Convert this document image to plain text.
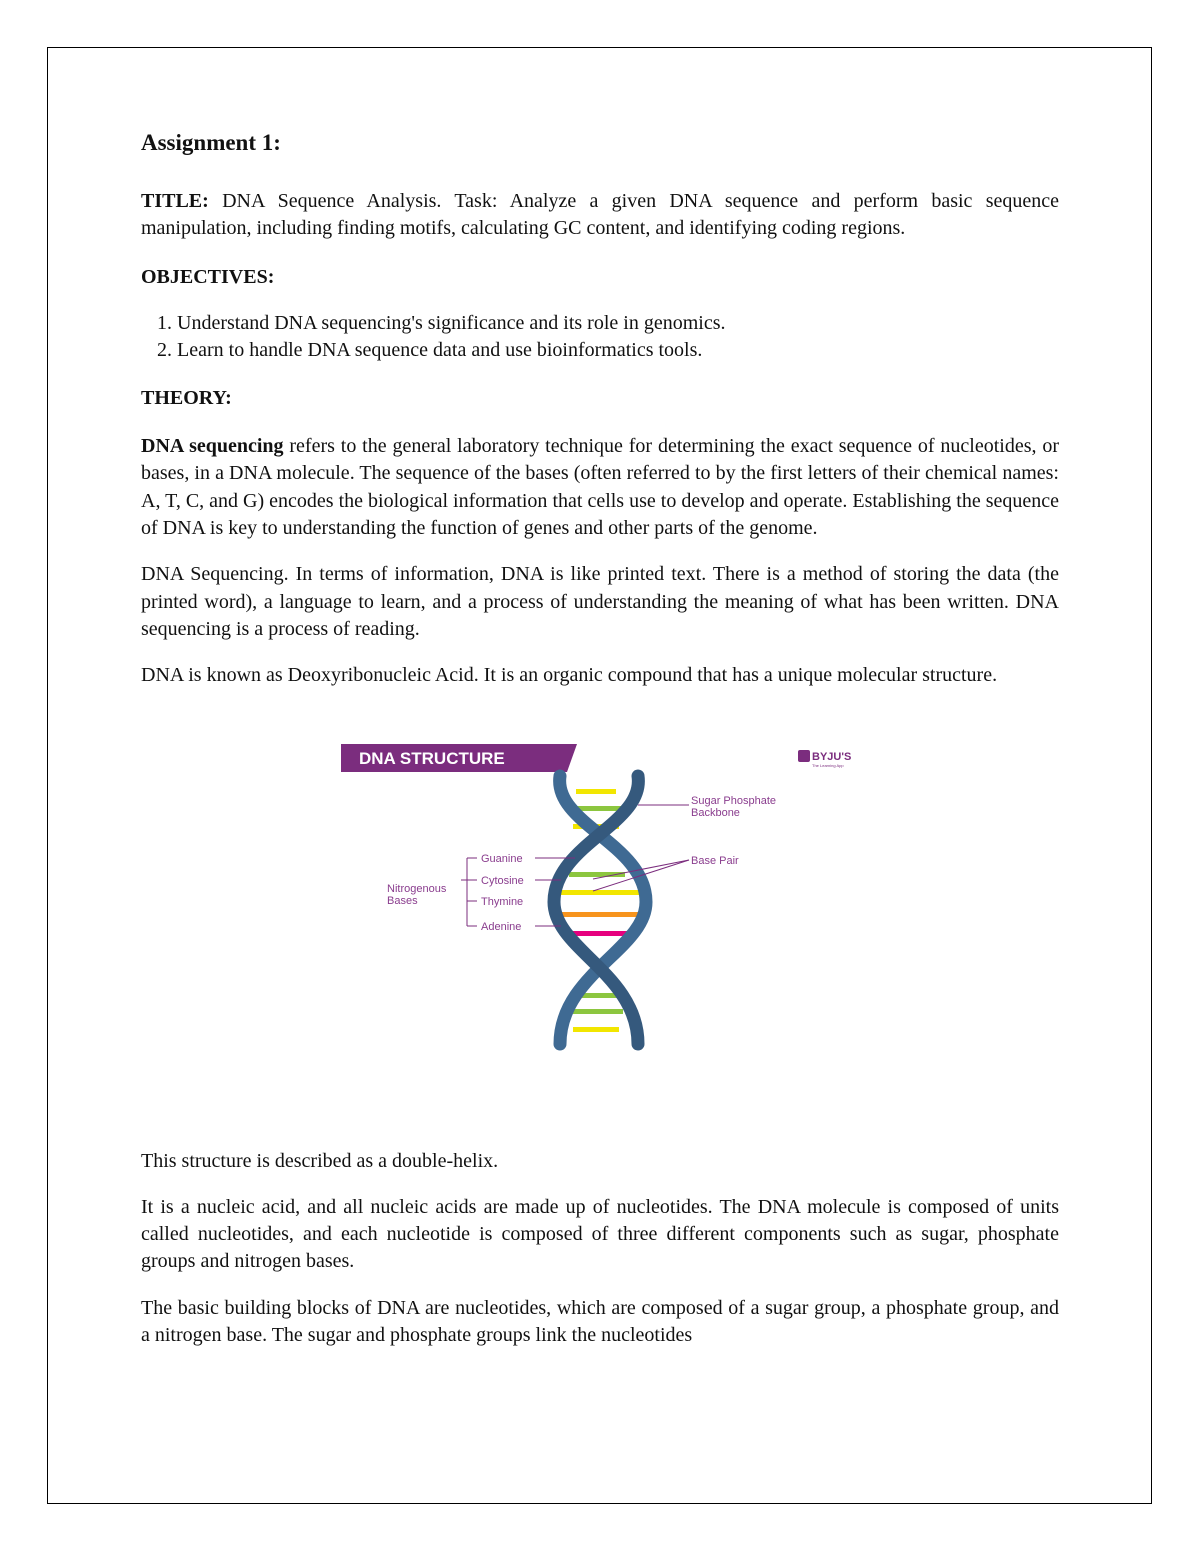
Assignment 1:

TITLE: DNA Sequence Analysis. Task: Analyze a given DNA sequence and perform basic sequence manipulation, including finding motifs, calculating GC content, and identifying coding regions.

OBJECTIVES:
1. Understand DNA sequencing's significance and its role in genomics.
2. Learn to handle DNA sequence data and use bioinformatics tools.
THEORY:

DNA sequencing refers to the general laboratory technique for determining the exact sequence of nucleotides, or bases, in a DNA molecule. The sequence of the bases (often referred to by the first letters of their chemical names: A, T, C, and G) encodes the biological information that cells use to develop and operate. Establishing the sequence of DNA is key to understanding the function of genes and other parts of the genome.

DNA Sequencing. In terms of information, DNA is like printed text. There is a method of storing the data (the printed word), a language to learn, and a process of understanding the meaning of what has been written. DNA sequencing is a process of reading.

DNA is known as Deoxyribonucleic Acid. It is an organic compound that has a unique molecular structure.

DNA STRUCTURE	BYJU'S
The Learning App
Sugar Phosphate
Backbone
Base Pair
Nitrogenous
Bases
Guanine
Cytosine
Thymine
Adenine

This structure is described as a double-helix.

It is a nucleic acid, and all nucleic acids are made up of nucleotides. The DNA molecule is composed of units called nucleotides, and each nucleotide is composed of three different components such as sugar, phosphate groups and nitrogen bases.

The basic building blocks of DNA are nucleotides, which are composed of a sugar group, a phosphate group, and a nitrogen base. The sugar and phosphate groups link the nucleotides
